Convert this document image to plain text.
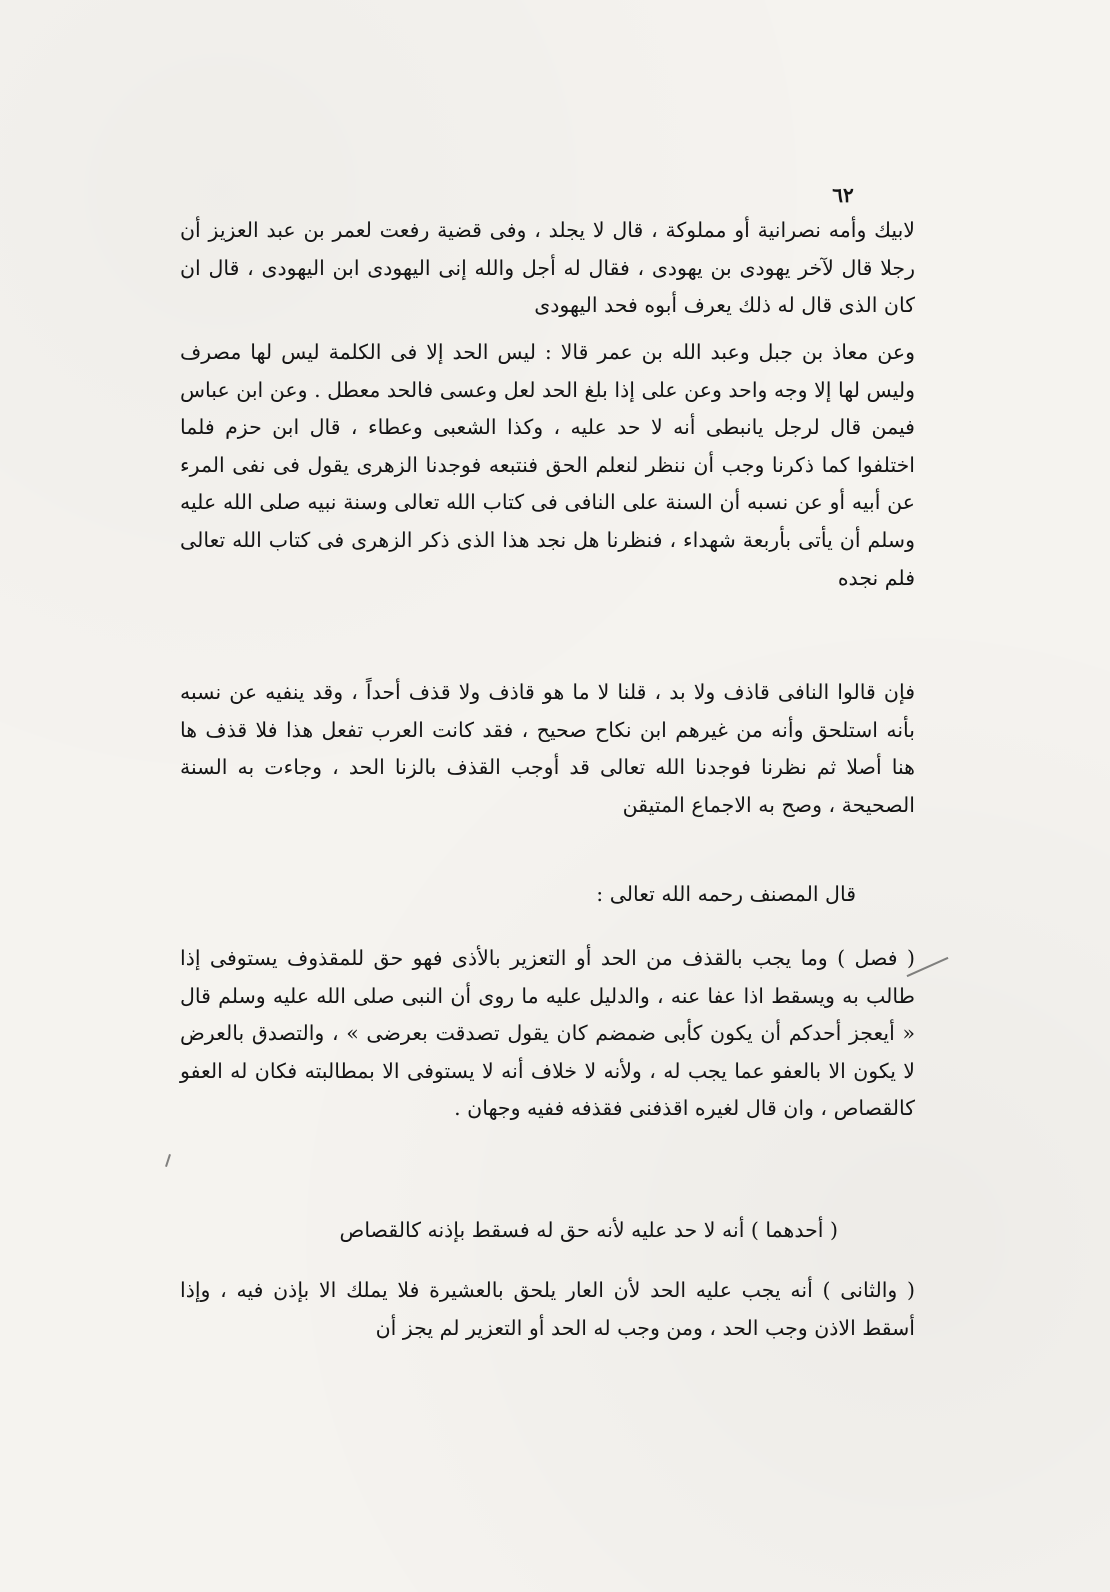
٦٢

لابيك وأمه نصرانية أو مملوكة ، قال لا يجلد ، وفى قضية رفعت لعمر بن عبد العزيز أن رجلا قال لآخر يهودى بن يهودى ، فقال له أجل والله إنى اليهودى ابن اليهودى ، قال ان كان الذى قال له ذلك يعرف أبوه فحد اليهودى

وعن معاذ بن جبل وعبد الله بن عمر قالا : ليس الحد إلا فى الكلمة ليس لها مصرف وليس لها إلا وجه واحد وعن على إذا بلغ الحد لعل وعسى فالحد معطل . وعن ابن عباس فيمن قال لرجل يانبطى أنه لا حد عليه ، وكذا الشعبى وعطاء ، قال ابن حزم فلما اختلفوا كما ذكرنا وجب أن ننظر لنعلم الحق فنتبعه فوجدنا الزهرى يقول فى نفى المرء عن أبيه أو عن نسبه أن السنة على النافى فى كتاب الله تعالى وسنة نبيه صلى الله عليه وسلم أن يأتى بأربعة شهداء ، فنظرنا هل نجد هذا الذى ذكر الزهرى فى كتاب الله تعالى فلم نجده

فإن قالوا النافى قاذف ولا بد ، قلنا لا ما هو قاذف ولا قذف أحداً ، وقد ينفيه عن نسبه بأنه استلحق وأنه من غيرهم ابن نكاح صحيح ، فقد كانت العرب تفعل هذا فلا قذف ها هنا أصلا ثم نظرنا فوجدنا الله تعالى قد أوجب القذف بالزنا الحد ، وجاءت به السنة الصحيحة ، وصح به الاجماع المتيقن

قال المصنف رحمه الله تعالى :

( فصل ) وما يجب بالقذف من الحد أو التعزير بالأذى فهو حق للمقذوف يستوفى إذا طالب به ويسقط اذا عفا عنه ، والدليل عليه ما روى أن النبى صلى الله عليه وسلم قال « أيعجز أحدكم أن يكون كأبى ضمضم كان يقول تصدقت بعرضى » ، والتصدق بالعرض لا يكون الا بالعفو عما يجب له ، ولأنه لا خلاف أنه لا يستوفى الا بمطالبته فكان له العفو كالقصاص ، وان قال لغيره اقذفنى فقذفه ففيه وجهان .

( أحدهما ) أنه لا حد عليه لأنه حق له فسقط بإذنه كالقصاص
( والثانى ) أنه يجب عليه الحد لأن العار يلحق بالعشيرة فلا يملك الا بإذن فيه ، وإذا أسقط الاذن وجب الحد ، ومن وجب له الحد أو التعزير لم يجز أن
